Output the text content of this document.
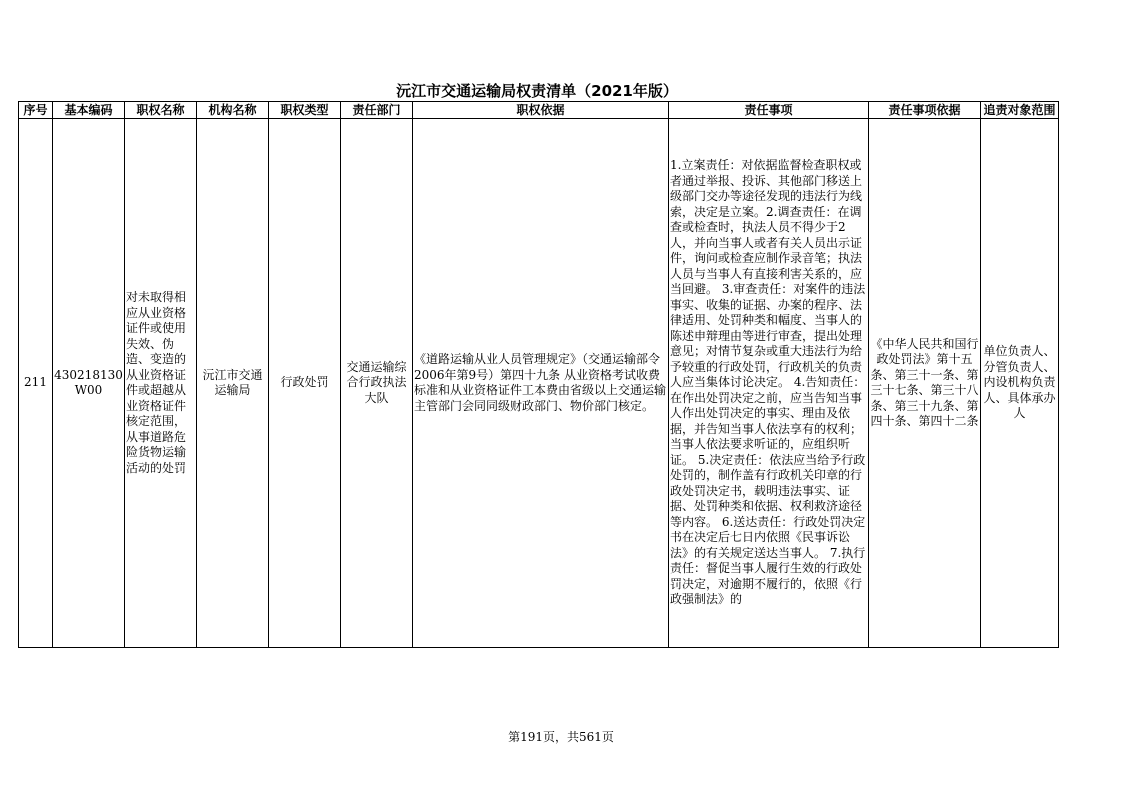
沅江市交通运输局权责清单（2021年版）
序号	基本编码	职权名称	机构名称	职权类型	责任部门	职权依据	责任事项	责任事项依据	追责对象范围
211	430218130W00	对未取得相应从业资格证件或使用失效、伪造、变造的从业资格证件或超越从业资格证件核定范围，从事道路危险货物运输活动的处罚	沅江市交通运输局	行政处罚	交通运输综合行政执法大队	《道路运输从业人员管理规定》（交通运输部令2006年第9号）第四十九条 从业资格考试收费标准和从业资格证件工本费由省级以上交通运输主管部门会同同级财政部门、物价部门核定。	1.立案责任：对依据监督检查职权或者通过举报、投诉、其他部门移送上级部门交办等途径发现的违法行为线索，决定是立案。2.调查责任：在调查或检查时，执法人员不得少于2人，并向当事人或者有关人员出示证件，询问或检查应制作录音笔；执法人员与当事人有直接利害关系的，应当回避。 3.审查责任：对案件的违法事实、收集的证据、办案的程序、法律适用、处罚种类和幅度、当事人的陈述申辩理由等进行审查，提出处理意见；对情节复杂或重大违法行为给予较重的行政处罚，行政机关的负责人应当集体讨论决定。 4.告知责任：在作出处罚决定之前，应当告知当事人作出处罚决定的事实、理由及依据，并告知当事人依法享有的权利；当事人依法要求听证的，应组织听证。 5.决定责任：依法应当给予行政处罚的，制作盖有行政机关印章的行政处罚决定书，载明违法事实、证据、处罚种类和依据、权利救济途径等内容。 6.送达责任：行政处罚决定书在决定后七日内依照《民事诉讼法》的有关规定送达当事人。 7.执行责任：督促当事人履行生效的行政处罚决定，对逾期不履行的，依照《行政强制法》的	《中华人民共和国行政处罚法》第十五条、第三十一条、第三十七条、第三十八条、第三十九条、第四十条、第四十二条	单位负责人、分管负责人、内设机构负责人、具体承办人
第191页，共561页
